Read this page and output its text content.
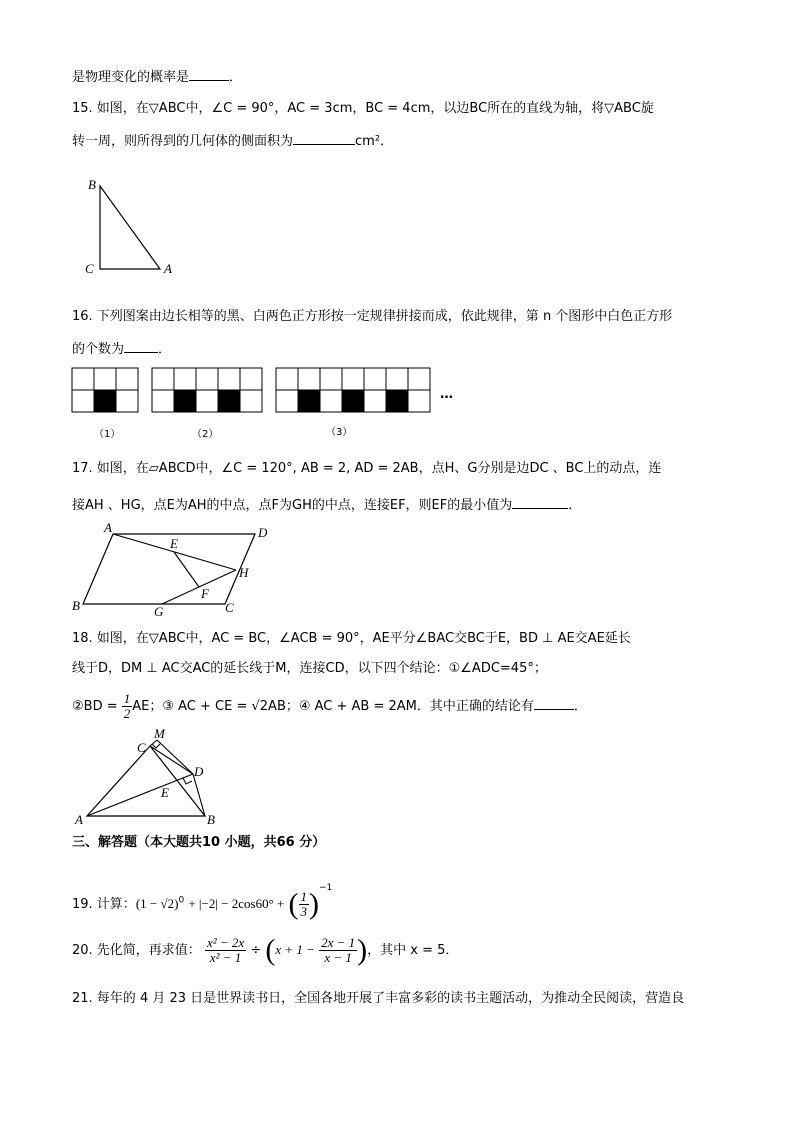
是物理变化的概率是	．
15. 如图，在▽ABC中，∠C = 90°，AC = 3cm，BC = 4cm，以边BC所在的直线为轴，将▽ABC旋
转一周，则所得到的几何体的侧面积为	cm²．
B
C	A
16. 下列图案由边长相等的黑、白两色正方形按一定规律拼接而成，依此规律，第 n 个图形中白色正方形
的个数为	．
（1）	（2）	（3）
…
17. 如图，在▱ABCD中，∠C = 120°, AB = 2, AD = 2AB，点H、G分别是边DC 、BC上的动点，连
接AH 、HG，点E为AH的中点，点F为GH的中点，连接EF，则EF的最小值为	．
A	D
E
H
F
B	G	C
18. 如图，在▽ABC中，AC = BC，∠ACB = 90°，AE平分∠BAC交BC于E，BD ⊥ AE交AE延长
线于D，DM ⊥ AC交AC的延长线于M，连接CD，以下四个结论：①∠ADC=45°；
②BD = $\frac{1}{2}$ AE；③ AC + CE = √2AB；④ AC + AB = 2AM．其中正确的结论有	．
M
C
D
E
A	B
三、解答题（本大题共10 小题，共66 分）
19. 计算：$(1 - √2)^0 + |-2| - 2\cos 60^\circ$ + ( $\frac{1}{3} )^{-1}$
20. 先化简，再求值： $\frac{\text{x² − 2x}}{\text{x² − 1}} \div (x + 1 - \frac{2x - 1}{x - 1}$ )，其中 x = 5．
21. 每年的 4 月 23 日是世界读书日，全国各地开展了丰富多彩的读书主题活动，为推动全民阅读，营造良
